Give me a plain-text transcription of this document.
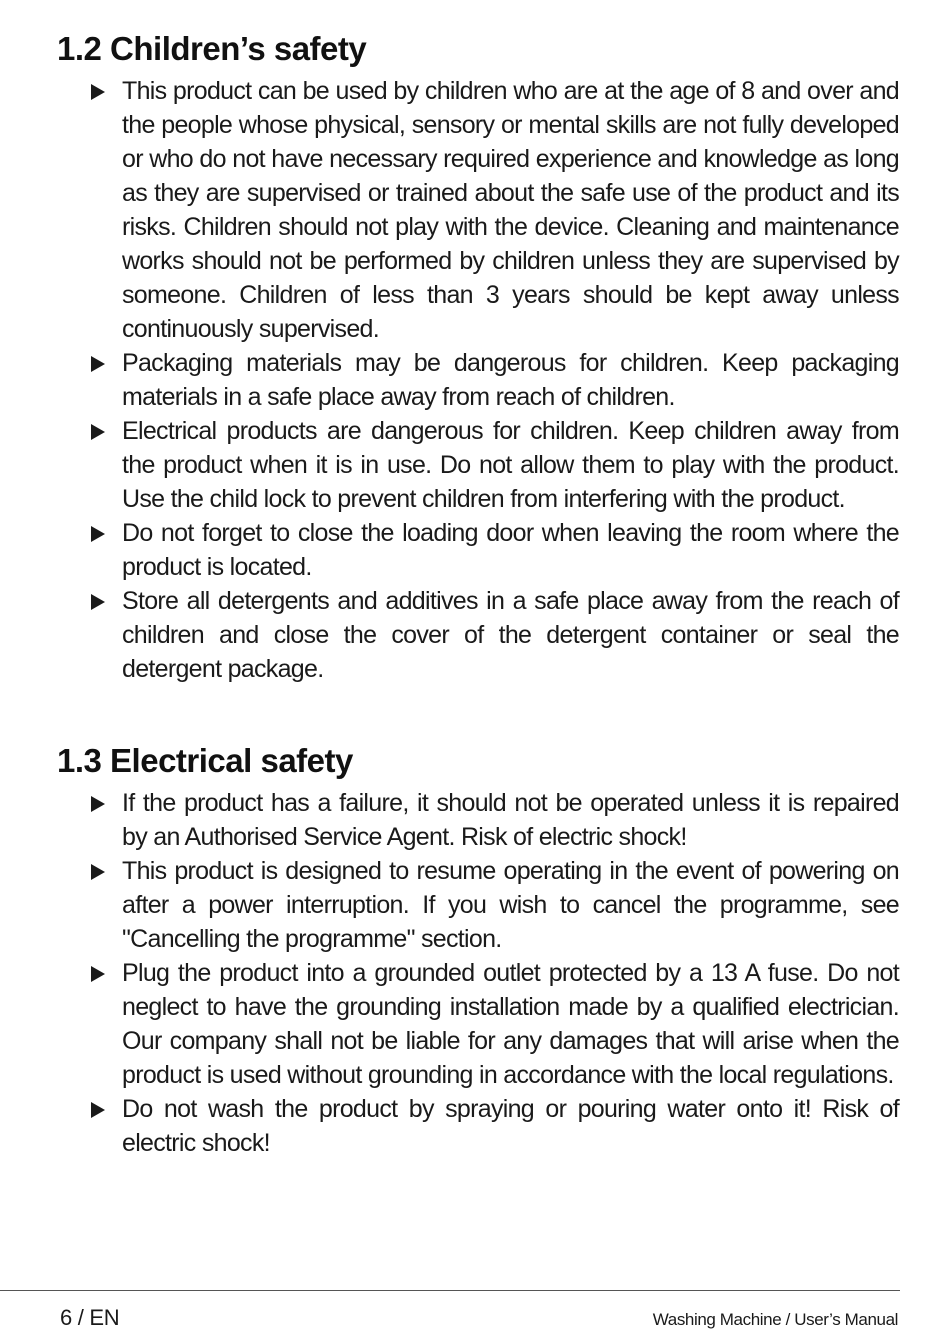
1.2 Children’s safety
This product can be used by children who are at the age of 8 and over and the people whose physical, sensory or mental skills are not fully developed or who do not have necessary required experience and knowledge as long as they are supervised or trained about the safe use of the product and its risks. Children should not play with the device. Cleaning and maintenance works should not be performed by children unless they are supervised by someone. Children of less than 3 years should be kept away unless continuously supervised.
Packaging materials may be dangerous for children. Keep packaging materials in a safe place away from reach of children.
Electrical products are dangerous for children. Keep children away from the product when it is in use. Do not allow them to play with the product. Use the child lock to prevent children from interfering with the product.
Do not forget to close the loading door when leaving the room where the product is located.
Store all detergents and additives in a safe place away from the reach of children and close the cover of the detergent container or seal the detergent package.
1.3 Electrical safety
If the product has a failure, it should not be operated unless it is repaired by an Authorised Service Agent. Risk of electric shock!
This product is designed to resume operating in the event of powering on after a power interruption. If you wish to cancel the programme, see "Cancelling the programme" section.
Plug the product into a grounded outlet protected by a 13 A fuse. Do not neglect to have the grounding installation made by a qualified electrician. Our company shall not be liable for any damages that will arise when the product is used without grounding in accordance with the local regulations.
Do not wash the product by spraying or pouring water onto it! Risk of electric shock!
6 / EN	Washing Machine / User’s Manual
